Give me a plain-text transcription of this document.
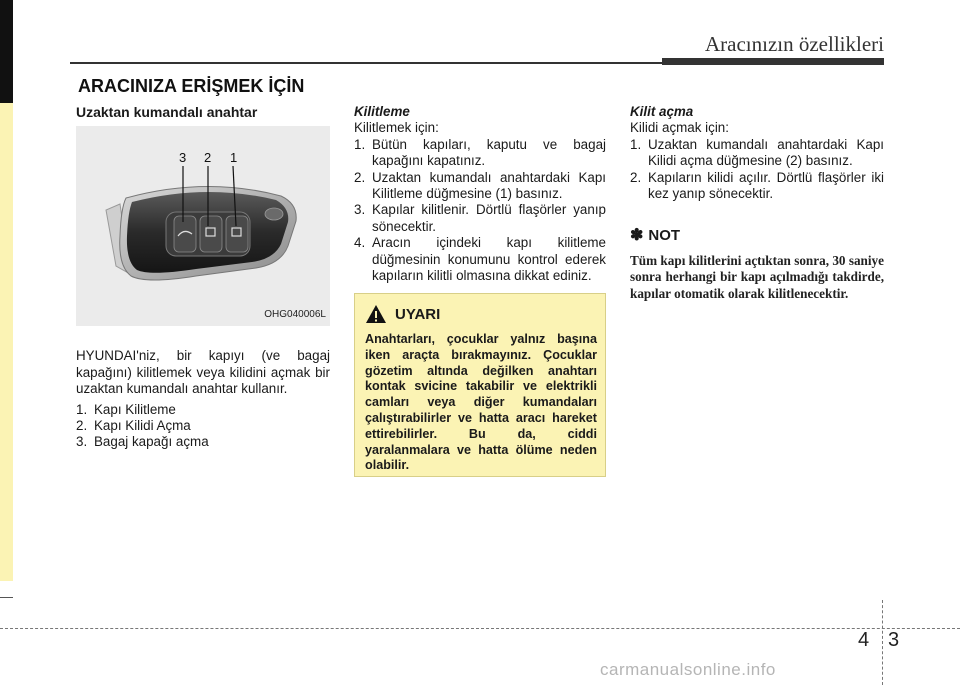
Aracınızın özellikleri
ARACINIZA ERİŞMEK İÇİN
Uzaktan kumandalı anahtar
3 2 1
OHG040006L

HYUNDAI'niz, bir kapıyı (ve bagaj kapağını) kilitlemek veya kilidini açmak bir uzaktan kumandalı anahtar kullanır.

1. Kapı Kilitleme
2. Kapı Kilidi Açma
3. Bagaj kapağı açma
Kilitleme

Kilitlemek için:

1. Bütün kapıları, kaputu ve bagaj kapağını kapatınız.
2. Uzaktan kumandalı anahtardaki Kapı Kilitleme düğmesine (1) basınız.
3. Kapılar kilitlenir. Dörtlü flaşörler yanıp sönecektir.
4. Aracın içindeki kapı kilitleme düğmesinin konumunu kontrol ederek kapıların kilitli olmasına dikkat ediniz.
UYARI
Anahtarları, çocuklar yalnız başına iken araçta bırakmayınız. Çocuklar gözetim altında değilken anahtarı kontak svicine takabilir ve elektrikli camları veya diğer kumandaları çalıştırabilirler ve hatta aracı hareket ettirebilirler. Bu da, ciddi yaralanmalara ve hatta ölüme neden olabilir.
Kilit açma

Kilidi açmak için:

1. Uzaktan kumandalı anahtardaki Kapı Kilidi açma düğmesine (2) basınız.
2. Kapıların kilidi açılır. Dörtlü flaşörler iki kez yanıp sönecektir.
✽ NOT

Tüm kapı kilitlerini açtıktan sonra, 30 saniye sonra herhangi bir kapı açılmadığı takdirde, kapılar otomatik olarak kilitlenecektir.

4 3
carmanualsonline.info
